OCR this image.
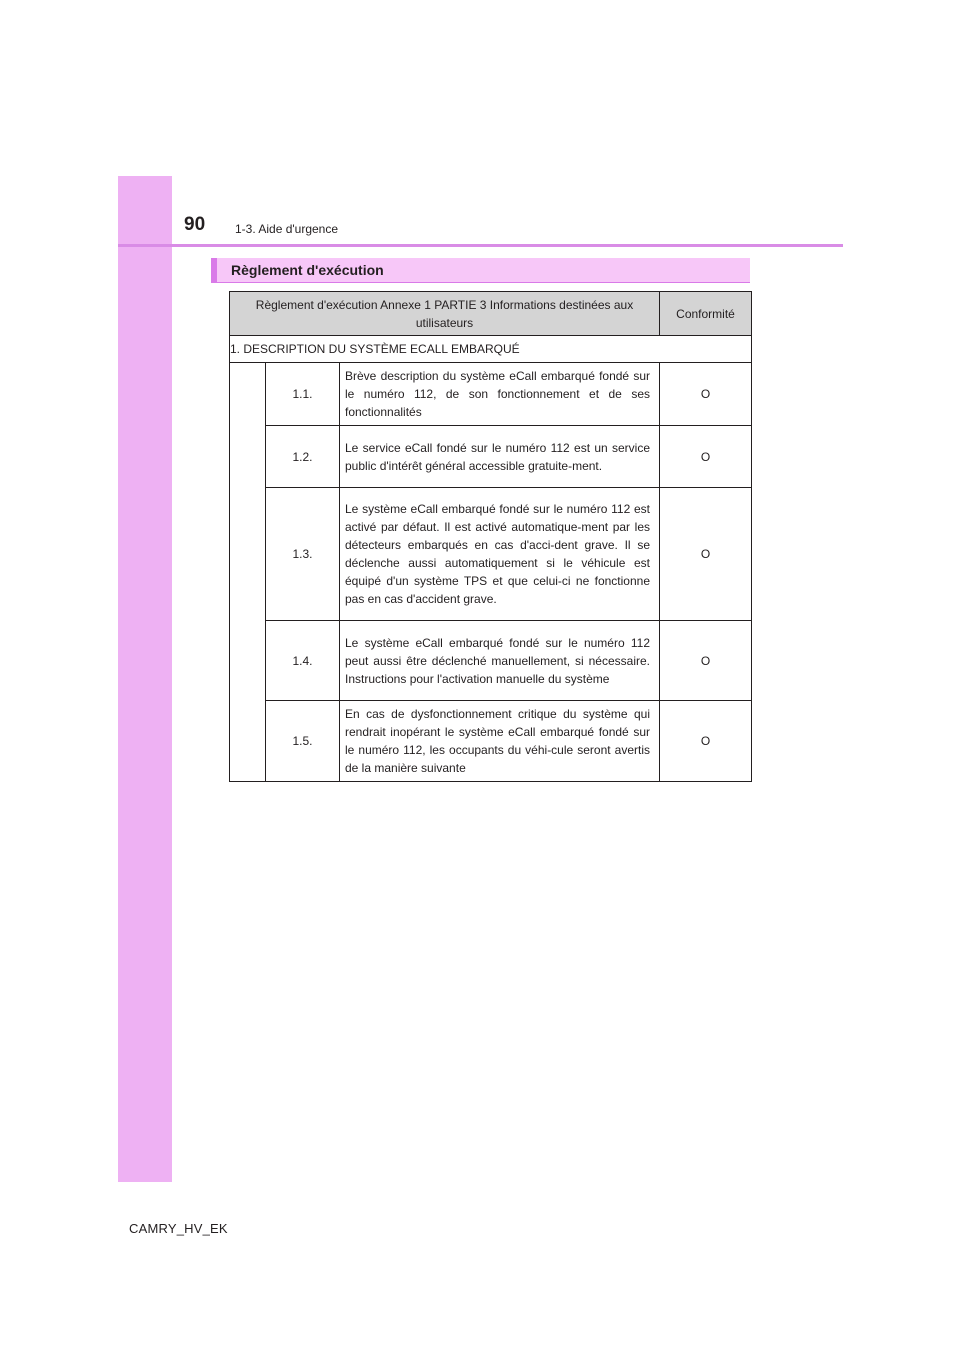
90 1-3. Aide d'urgence
Règlement d'exécution
Règlement d'exécution Annexe 1 PARTIE 3 Informations destinées aux utilisateurs			Conformité
1. DESCRIPTION DU SYSTÈME ECALL EMBARQUÉ			
	1.1.	Brève description du système eCall embarqué fondé sur le numéro 112, de son fonctionnement et de ses fonctionnalités	O
	1.2.	Le service eCall fondé sur le numéro 112 est un service public d'intérêt général accessible gratuite-ment.	O
	1.3.	Le système eCall embarqué fondé sur le numéro 112 est activé par défaut. Il est activé automatique-ment par les détecteurs embarqués en cas d'acci-dent grave. Il se déclenche aussi automatiquement si le véhicule est équipé d'un système TPS et que celui-ci ne fonctionne pas en cas d'accident grave.	O
	1.4.	Le système eCall embarqué fondé sur le numéro 112 peut aussi être déclenché manuellement, si nécessaire. Instructions pour l'activation manuelle du système	O
	1.5.	En cas de dysfonctionnement critique du système qui rendrait inopérant le système eCall embarqué fondé sur le numéro 112, les occupants du véhi-cule seront avertis de la manière suivante	O
CAMRY_HV_EK
